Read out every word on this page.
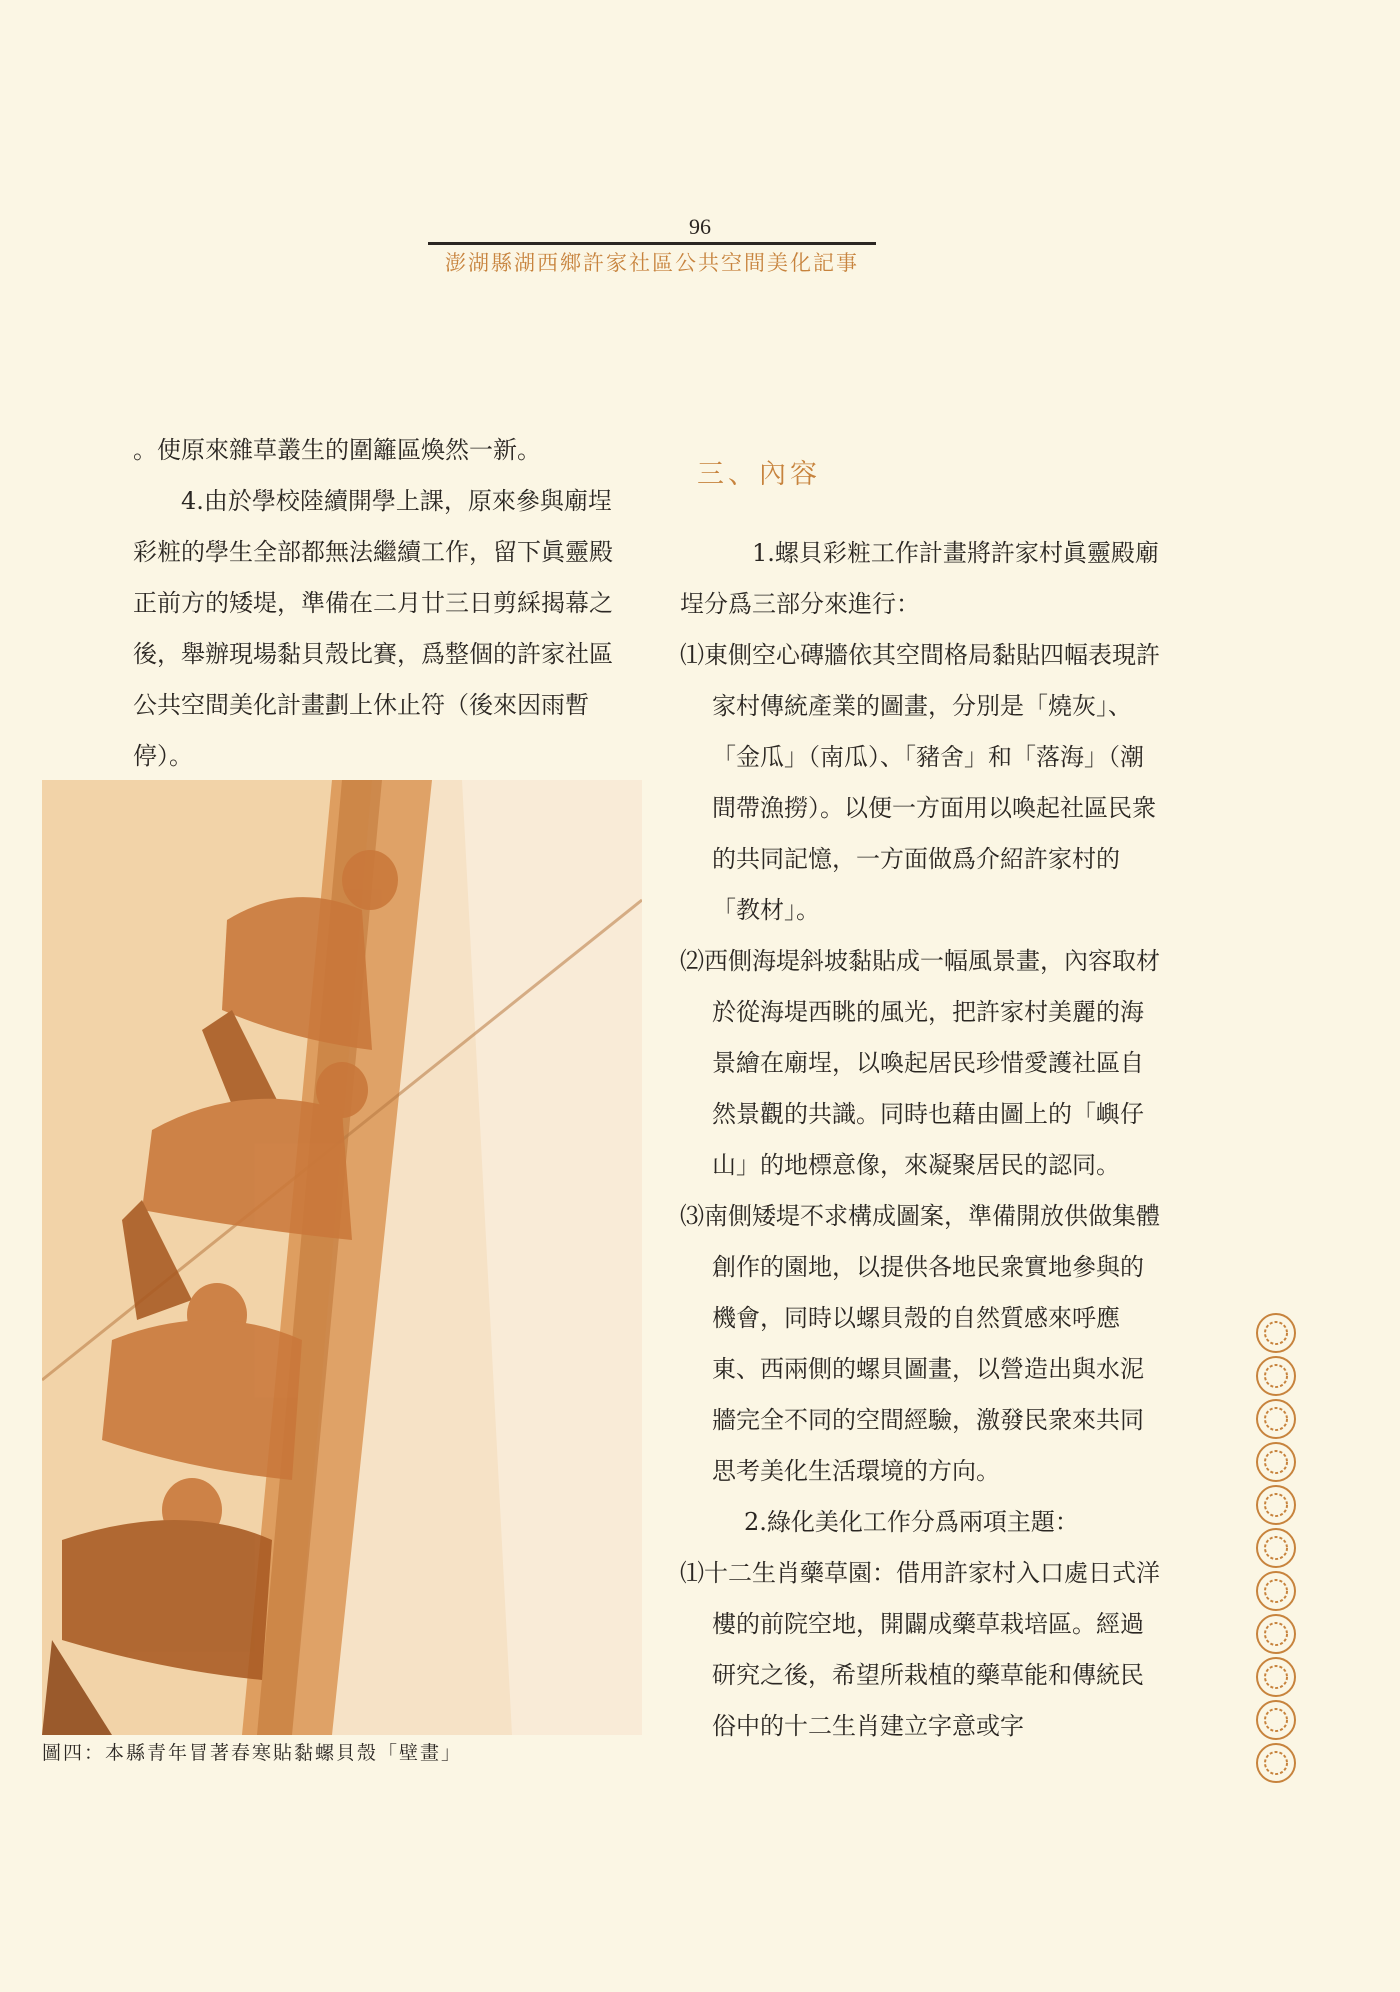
96
澎湖縣湖西鄉許家社區公共空間美化記事

。使原來雜草叢生的圍籬區煥然一新。

4.由於學校陸續開學上課，原來參與廟埕彩粧的學生全部都無法繼續工作，留下眞靈殿正前方的矮堤，準備在二月廿三日剪綵揭幕之後，舉辦現場黏貝殼比賽，爲整個的許家社區公共空間美化計畫劃上休止符（後來因雨暫停）。

圖四：本縣青年冒著春寒貼黏螺貝殼「壁畫」
三、內容

1.螺貝彩粧工作計畫將許家村眞靈殿廟埕分爲三部分來進行：

⑴東側空心磚牆依其空間格局黏貼四幅表現許家村傳統產業的圖畫，分別是「燒灰」、「金瓜」（南瓜）、「豬舍」和「落海」（潮間帶漁撈）。以便一方面用以喚起社區民衆的共同記憶，一方面做爲介紹許家村的「教材」。

⑵西側海堤斜坡黏貼成一幅風景畫，內容取材於從海堤西眺的風光，把許家村美麗的海景繪在廟埕，以喚起居民珍惜愛護社區自然景觀的共識。同時也藉由圖上的「嶼仔山」的地標意像，來凝聚居民的認同。

⑶南側矮堤不求構成圖案，準備開放供做集體創作的園地，以提供各地民衆實地參與的機會，同時以螺貝殼的自然質感來呼應東、西兩側的螺貝圖畫，以營造出與水泥牆完全不同的空間經驗，激發民衆來共同思考美化生活環境的方向。

2.綠化美化工作分爲兩項主題：

⑴十二生肖藥草園：借用許家村入口處日式洋樓的前院空地，開闢成藥草栽培區。經過研究之後，希望所栽植的藥草能和傳統民俗中的十二生肖建立字意或字
